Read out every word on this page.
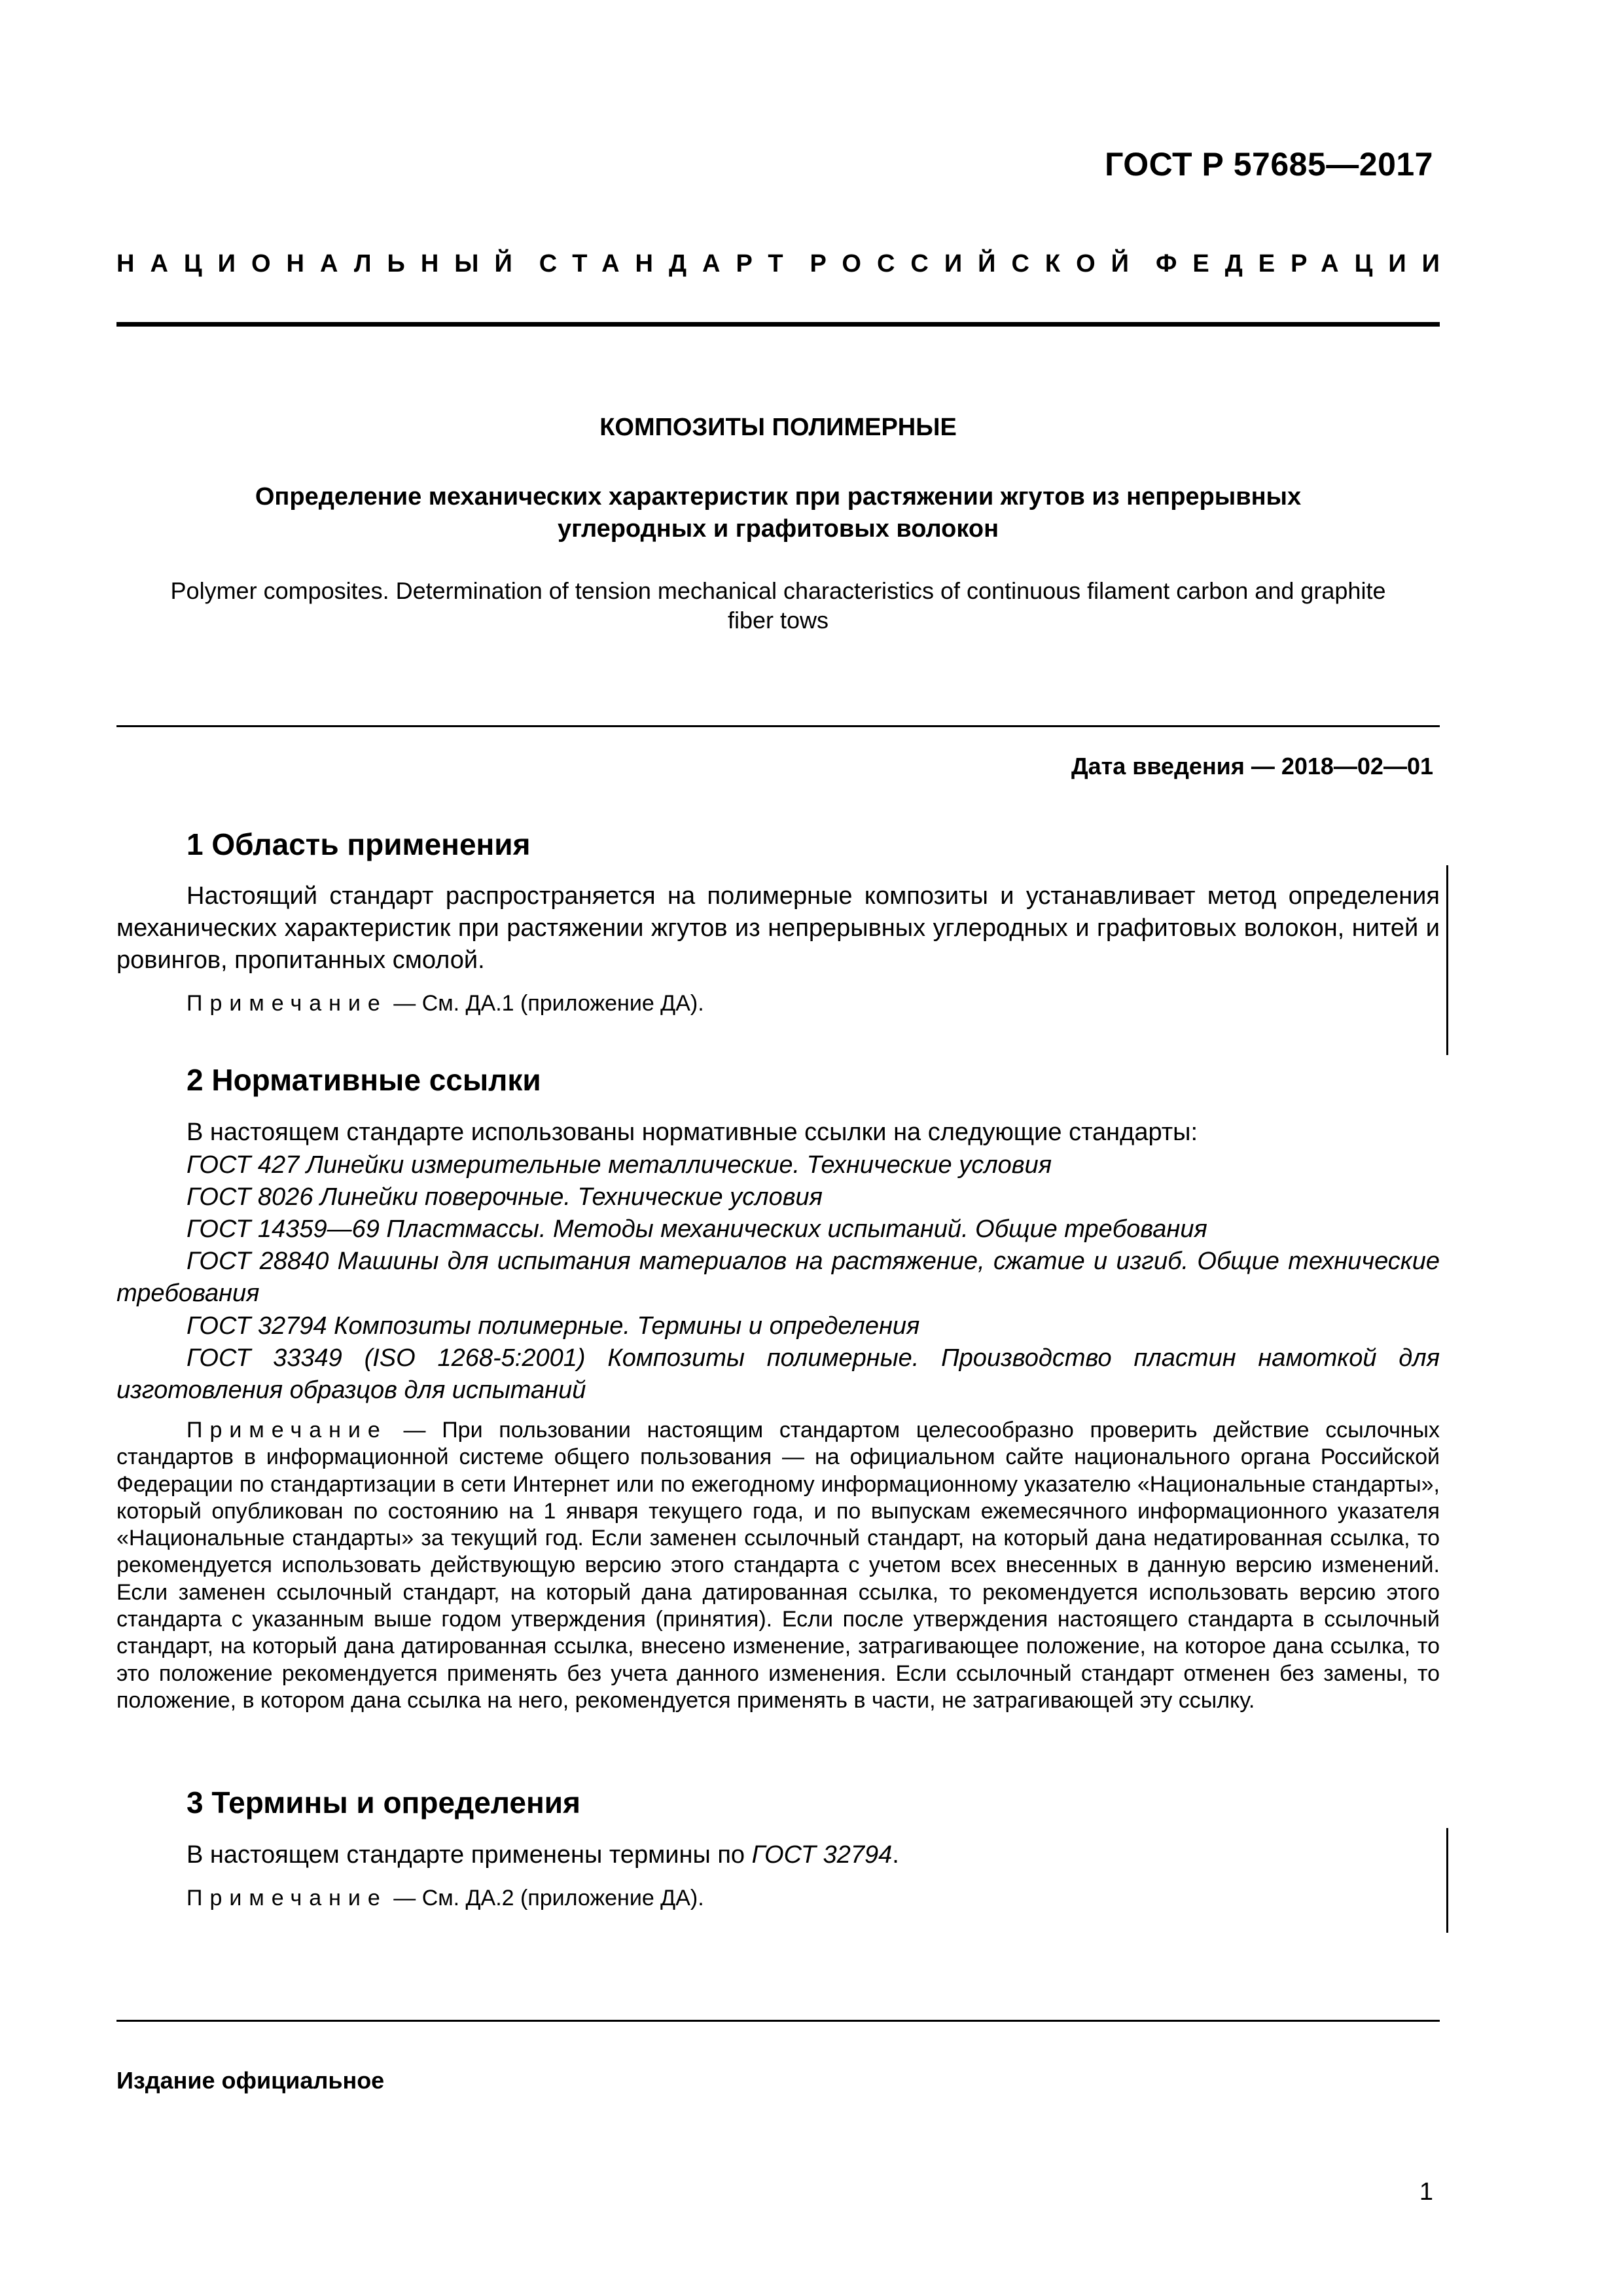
ГОСТ Р 57685—2017
НАЦИОНАЛЬНЫЙ СТАНДАРТ РОССИЙСКОЙ ФЕДЕРАЦИИ
КОМПОЗИТЫ ПОЛИМЕРНЫЕ
Определение механических характеристик при растяжении жгутов из непрерывных
углеродных и графитовых волокон
Polymer composites. Determination of tension mechanical characteristics of continuous filament carbon and graphite
fiber tows
Дата введения — 2018—02—01
1 Область применения
Настоящий стандарт распространяется на полимерные композиты и устанавливает метод определения механических характеристик при растяжении жгутов из непрерывных углеродных и графитовых волокон, нитей и ровингов, пропитанных смолой.
Примечание — См. ДА.1 (приложение ДА).
2 Нормативные ссылки
В настоящем стандарте использованы нормативные ссылки на следующие стандарты:
ГОСТ 427 Линейки измерительные металлические. Технические условия
ГОСТ 8026 Линейки поверочные. Технические условия
ГОСТ 14359—69 Пластмассы. Методы механических испытаний. Общие требования
ГОСТ 28840 Машины для испытания материалов на растяжение, сжатие и изгиб. Общие технические требования
ГОСТ 32794 Композиты полимерные. Термины и определения
ГОСТ 33349 (ISO 1268-5:2001) Композиты полимерные. Производство пластин намоткой для изготовления образцов для испытаний
Примечание — При пользовании настоящим стандартом целесообразно проверить действие ссылочных стандартов в информационной системе общего пользования — на официальном сайте национального органа Российской Федерации по стандартизации в сети Интернет или по ежегодному информационному указателю «Национальные стандарты», который опубликован по состоянию на 1 января текущего года, и по выпускам ежемесячного информационного указателя «Национальные стандарты» за текущий год. Если заменен ссылочный стандарт, на который дана недатированная ссылка, то рекомендуется использовать действующую версию этого стандарта с учетом всех внесенных в данную версию изменений. Если заменен ссылочный стандарт, на который дана датированная ссылка, то рекомендуется использовать версию этого стандарта с указанным выше годом утверждения (принятия). Если после утверждения настоящего стандарта в ссылочный стандарт, на который дана датированная ссылка, внесено изменение, затрагивающее положение, на которое дана ссылка, то это положение рекомендуется применять без учета данного изменения. Если ссылочный стандарт отменен без замены, то положение, в котором дана ссылка на него, рекомендуется применять в части, не затрагивающей эту ссылку.
3 Термины и определения
В настоящем стандарте применены термины по ГОСТ 32794.
Примечание — См. ДА.2 (приложение ДА).
Издание официальное
1
